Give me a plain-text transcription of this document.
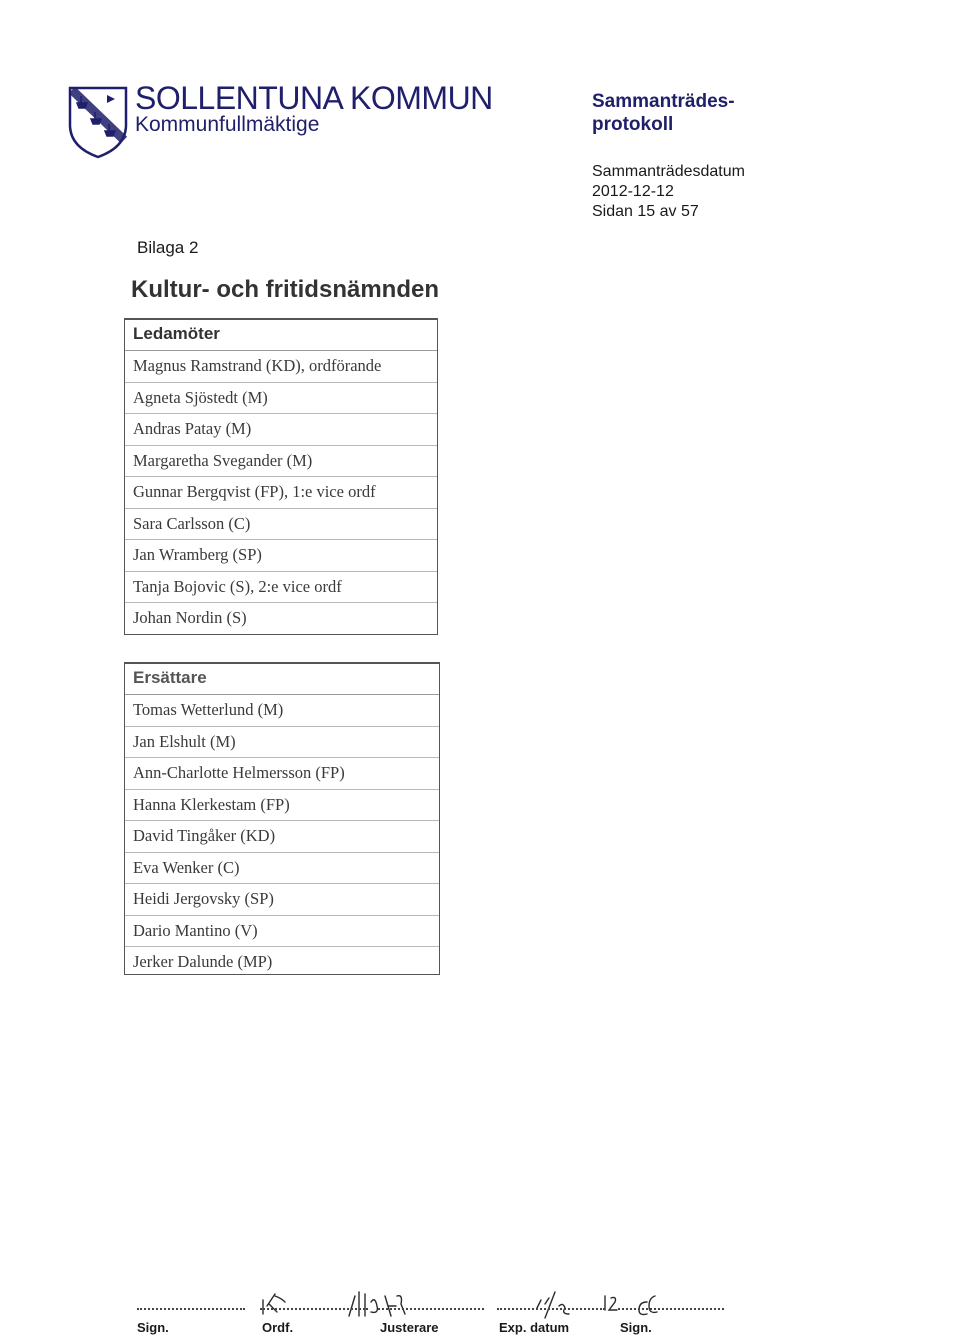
SOLLENTUNA KOMMUN

Kommunfullmäktige

Sammanträdes-
protokoll
Sammanträdesdatum
2012-12-12
Sidan 15 av 57
Bilaga 2
Kultur- och fritidsnämnden
Ledamöter
Magnus Ramstrand (KD), ordförande
Agneta Sjöstedt (M)
Andras Patay (M)
Margaretha Svegander (M)
Gunnar Bergqvist (FP), 1:e vice ordf
Sara Carlsson (C)
Jan Wramberg (SP)
Tanja Bojovic (S), 2:e vice ordf
Johan Nordin (S)
Ersättare
Tomas Wetterlund (M)
Jan Elshult (M)
Ann-Charlotte Helmersson (FP)
Hanna Klerkestam (FP)
David Tingåker (KD)
Eva Wenker (C)
Heidi Jergovsky (SP)
Dario Mantino (V)
Jerker Dalunde (MP)
Sign.	Ordf.	Justerare	Exp. datum	Sign.
